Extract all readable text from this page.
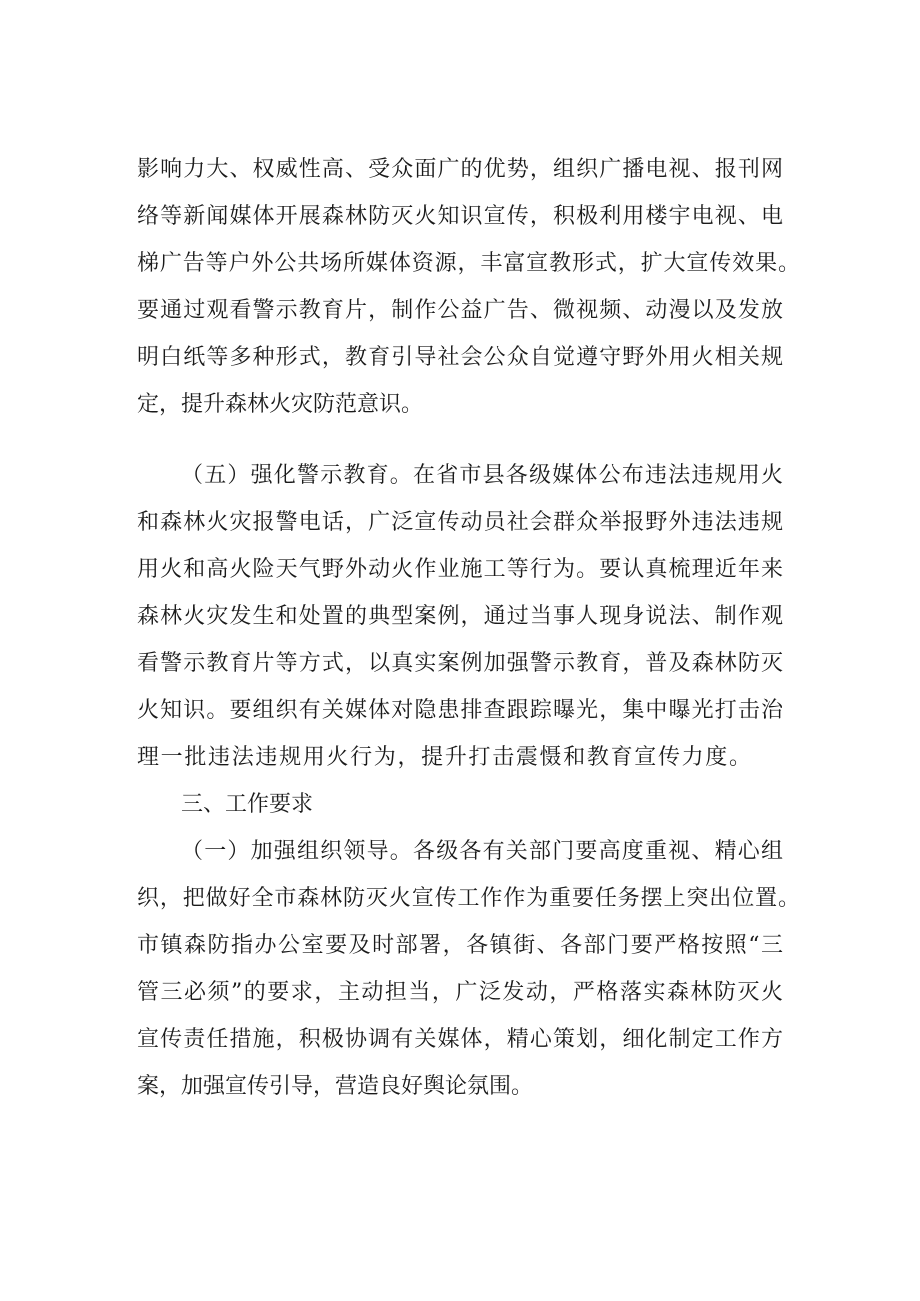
影响力大、权威性高、受众面广的优势，组织广播电视、报刊网
络等新闻媒体开展森林防灭火知识宣传，积极利用楼宇电视、电
梯广告等户外公共场所媒体资源，丰富宣教形式，扩大宣传效果。
要通过观看警示教育片，制作公益广告、微视频、动漫以及发放
明白纸等多种形式，教育引导社会公众自觉遵守野外用火相关规
定，提升森林火灾防范意识。
（五）强化警示教育。在省市县各级媒体公布违法违规用火
和森林火灾报警电话，广泛宣传动员社会群众举报野外违法违规
用火和高火险天气野外动火作业施工等行为。要认真梳理近年来
森林火灾发生和处置的典型案例，通过当事人现身说法、制作观
看警示教育片等方式，以真实案例加强警示教育，普及森林防灭
火知识。要组织有关媒体对隐患排查跟踪曝光，集中曝光打击治
理一批违法违规用火行为，提升打击震慑和教育宣传力度。
三、工作要求
（一）加强组织领导。各级各有关部门要高度重视、精心组
织，把做好全市森林防灭火宣传工作作为重要任务摆上突出位置。
市镇森防指办公室要及时部署，各镇街、各部门要严格按照“三
管三必须”的要求，主动担当，广泛发动，严格落实森林防灭火
宣传责任措施，积极协调有关媒体，精心策划，细化制定工作方
案，加强宣传引导，营造良好舆论氛围。
